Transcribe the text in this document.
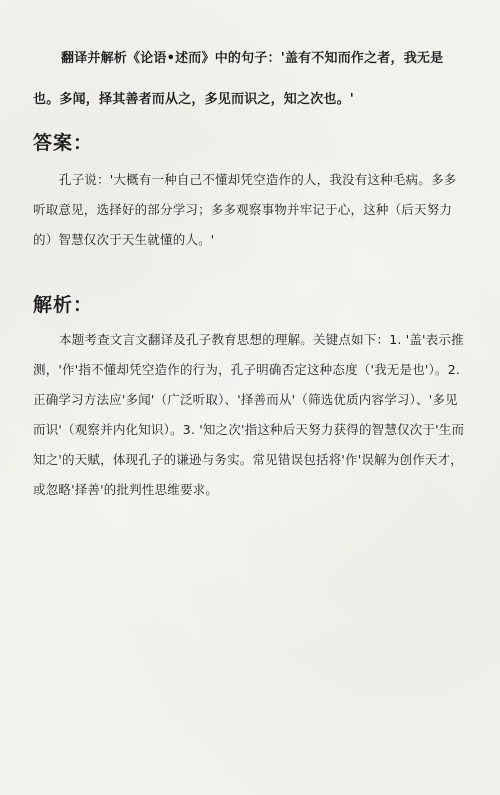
翻译并解析《论语•述而》中的句子：'盖有不知而作之者，我无是也。多闻，择其善者而从之，多见而识之，知之次也。'
答案：
孔子说：'大概有一种自己不懂却凭空造作的人，我没有这种毛病。多多听取意见，选择好的部分学习；多多观察事物并牢记于心，这种（后天努力的）智慧仅次于天生就懂的人。'
解析：
本题考查文言文翻译及孔子教育思想的理解。关键点如下：1. '盖'表示推测，'作'指不懂却凭空造作的行为，孔子明确否定这种态度（'我无是也'）。2. 正确学习方法应'多闻'（广泛听取）、'择善而从'（筛选优质内容学习）、'多见而识'（观察并内化知识）。3. '知之次'指这种后天努力获得的智慧仅次于'生而知之'的天赋，体现孔子的谦逊与务实。常见错误包括将'作'误解为创作天才，或忽略'择善'的批判性思维要求。
